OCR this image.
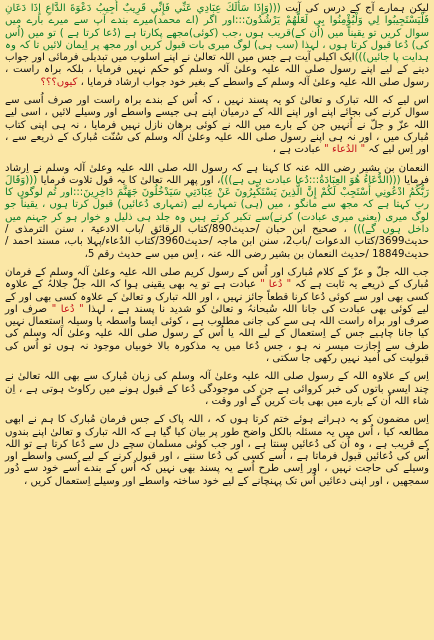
لیکن ہمارے آج کے درس کی آیت (((وَإِذَا سَأَلَكَ عِبَادِي عَنِّي فَإِنِّي قَرِيبٌ أُجِيبُ دَعْوَةَ الدَّاعِ إِذَا دَعَانِ فَلْيَسْتَجِيبُوا لِي وَلْيُؤْمِنُوا بِي لَعَلَّهُمْ يَرْشُدُونَ:::اور اگر (اے محمد)میرے بندے آپ سے میرے بارے میں سوال کریں تو یقیناً میں (اُن کے)قریب ہوں ،جب (کوئی)مجھے پکارتا ہے (دُعا کرتا ہے ) تو میں (اُس کی) دُعا قبول کرتا ہوں ، لہذا (سب ہی) لوگ میری بات قبول کریں اور مجھ پر اِیمان لائیں تا کہ وہ ہدایت پا جائیں)))ایک اکیلی آیت ہے جس میں اللہ تعالیٰ نے اپنے اسلوب میں تبدیلی فرمائی اور جواب دینے کے لیے اپنے رسول صلی اللہ علیہ وعلیٰ آلہ وسلم کو حکم نہیں فرمایا ، بلکہ براہ راست ، رسول صلی اللہ علیہ وعلیٰ آلہ وسلم کے واسطے کے بغیر خود جواب ارشاد فرمایا ، کیوں؟؟؟

اس لیے کہ اللہ تبارک و تعالیٰ کو یہ پسند نہیں ، کہ اُس کے بندے براہ راست اور صرف اُسی سے سوال کرنے کی بجائے اپنے اور اپنے اللہ کے درمیان اپنے ہی جیسے واسطے اور وسیلے لائیں ، اسی لیے اللہ عزّ و جلّ نے اُنہیں جن کے بارے میں اللہ نے کوئی برھان نازل نہیں فرمایا ، نہ ہی اپنی کتاب مُبارک میں ، اور نہ ہی اپنے رسول صلی اللہ علیہ وعلیٰ آلہ وسلم کی سُنّت مُبارک کے ذریعے سے ، اور اِس لیے کہ " الدُعاء " عبادت ہے ،

النعمان بن بشیر رضی اللہ عنہ کا کہنا ہے کہ رسول اللہ صلی اللہ علیہ وعلیٰ آلہ وسلم نے اِرشاد فرمایا (((الدُّعَاءُ هُوَ العِبَادَةُ:::دُعا عبادت ہی ہے)))، اور پھر اللہ تعالیٰ کا یہ قول تلاوت فرمایا (((وَقَالَ رَبُّكُمُ ادْعُونِي أَسْتَجِبْ لَكُمْ إِنَّ الَّذِينَ يَسْتَكْبِرُونَ عَنْ عِبَادَتِي سَيَدْخُلُونَ جَهَنَّمَ دَاخِرِينَ:::اور تُم لوگوں کا رب کہتا ہے کہ مجھ سے مانگو ، میں (ہی) تمہارے لیے (تمہاری دُعائیں) قبول کرتا ہوں ، یقیناً جو لوگ میری (یعنی میری عبادت) کرنے)سے تکبر کرتے ہیں وہ جلد ہی ذلیل و خوار ہو کر جہنم میں داخل ہوں گے))) ، صحیح ابن حبان /حدیث890/کتاب الرقائق /باب الادعیۃ ، سنن الترمذی /حدیث3699/کتاب الدعوات /باب2، سنن ابن ماجہ /حدیث3960/کتاب الدُعاء/پہلا باب، مسند احمد /حدیث18849 /حدیث النعمان بن بشیر رضی اللہ عنہ ، اِس میں سے حدیث رقم 5،

جب اللہ جلّ و عزّ کے کلام مُبارک اور اُس کے رسول کریم صلی اللہ علیہ وعلیٰ آلہ وسلم کے فرمان مُبارک کے ذریعے یہ ثابت ہے کہ " دُعا " عبادت ہے تو یہ بھی یقینی ہوا کہ اللہ جلّ جلالہُ کے علاوہ کسی بھی اور سے کوئی دُعا کرنا قطعاً جائز نہیں ، اور اللہ تبارک و تعالیٰ کے علاوہ کسی بھی اور کے لیے کوئی بھی عبادت کی جانا اللہ سُبحانہُ و تعالیٰ کو شدید نا پسند ہے ، لہذا " دُعا " صرف اور صرف اور براہ راست اللہ ہی سے کی جانی مطلوب ہے ، کوئی ایسا واسطہ یا وسیلہ اِستعمال نہیں کیا جانا چاہیے جس کے اِستعمال کے لیے اللہ یا اُس کے رسول صلی اللہ علیہ وعلیٰ آلہ وسلم کی طرف سے اِجازت میسر نہ ہو ، جس دُعا میں یہ مذکورہ بالا خوبیاں موجود نہ ہوں تو اُس کی قبولیت کی اُمید نہیں رکھی جا سکتی ،

اِس کے علاوہ اللہ کے رسول صلی اللہ علیہ وعلیٰ آلہ وسلم کی زبان مُبارک سے بھی اللہ تعالیٰ نے چند ایسی باتوں کی خبر کروائی ہے جن کی موجودگی دُعا کے قبول ہونے میں رکاوٹ ہوتی ہے ، اِن شاء اللہ اُن کے بارے میں بھی بات کریں گے اور وقت ،

اِس مضمون کو یہ دہراتے ہوئے ختم کرتا ہوں کہ ، اللہ پاک کے جس فرمان مُبارک کا ہم نے ابھی مطالعہ کیا ، اُس میں یہ مسئلہ بالکل واضح طور پر بیان کیا گیا ہے کہ اللہ تبارک و تعالیٰ اپنے بندوں کے قریب ہے ، وہ اُن کی دُعائیں سنتا ہے ، اور جب کوئی مسلمان سچے دل سے دُعا کرتا ہے تو اللہ اُس کی دُعائیں قبول فرماتا ہے ، اُسے کسی کی دُعا سننے ، اور قبول کرنے کے لیے کسی واسطے اور وسیلے کی حاجت نہیں ، اور اِسی طرح اُسے یہ پسند بھی نہیں کہ اُس کے بندے اُسے خود سے دُور سمجھیں ، اور اپنی دعائیں اُس تک پہنچانے کے لیے خود ساختہ واسطے اور وسیلے اِستعمال کریں ،
